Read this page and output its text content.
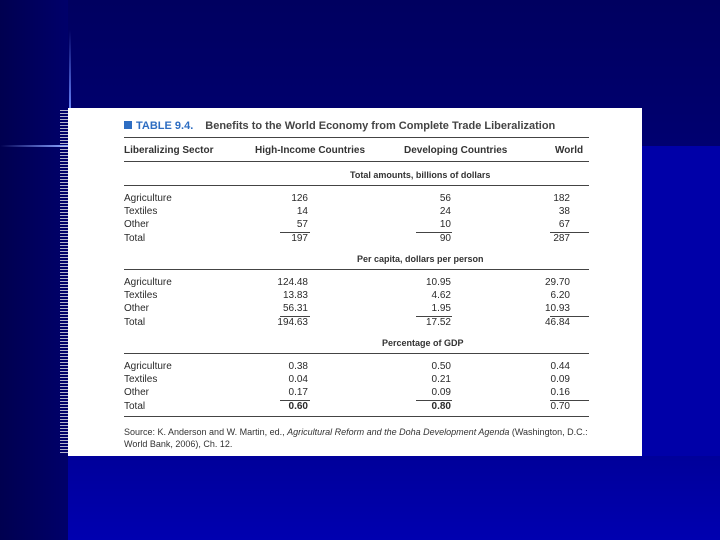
TABLE 9.4. Benefits to the World Economy from Complete Trade Liberalization
Liberalizing Sector	High-Income Countries	Developing Countries	World
Total amounts, billions of dollars
Agriculture	126	56	182
Textiles	14	24	38
Other	57	10	67
Total	197	90	287
Per capita, dollars per person
Agriculture	124.48	10.95	29.70
Textiles	13.83	4.62	6.20
Other	56.31	1.95	10.93
Total	194.63	17.52	46.84
Percentage of GDP
Agriculture	0.38	0.50	0.44
Textiles	0.04	0.21	0.09
Other	0.17	0.09	0.16
Total	0.60	0.80	0.70
Source: K. Anderson and W. Martin, ed., Agricultural Reform and the Doha Development Agenda (Washington, D.C.: World Bank, 2006), Ch. 12.
